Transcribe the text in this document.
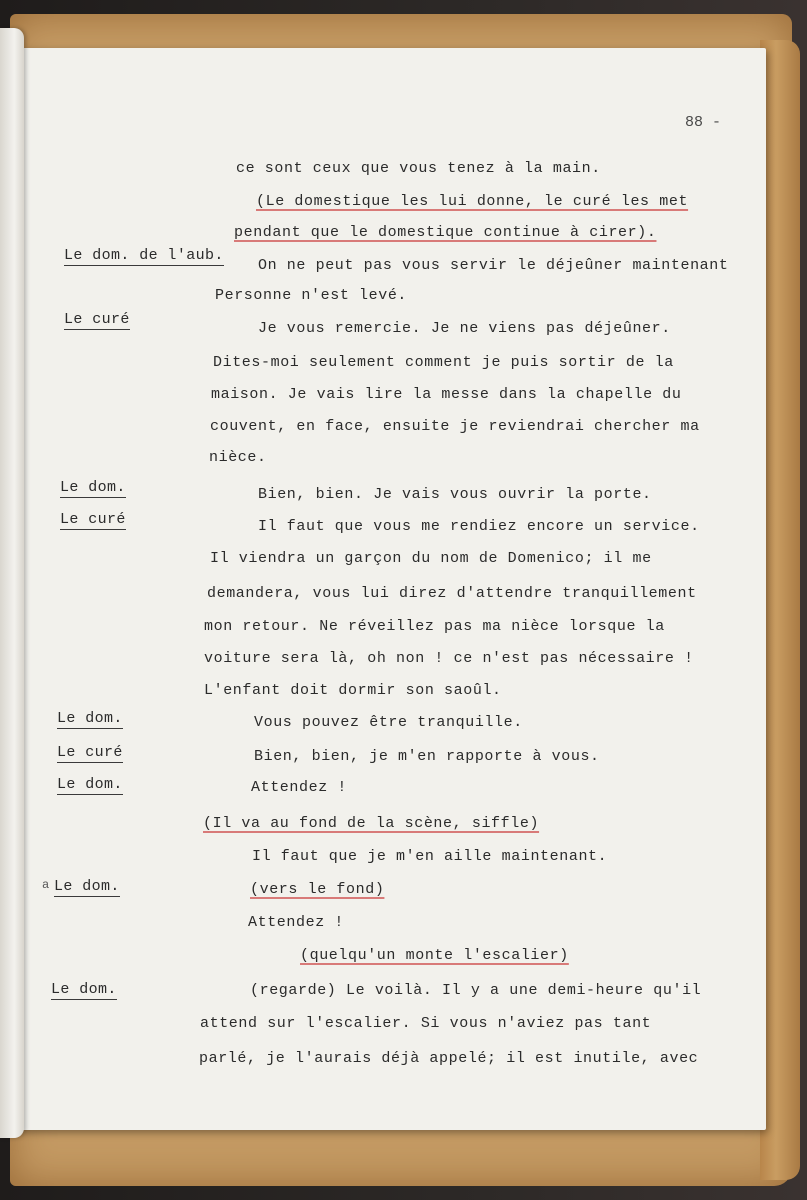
88 -
Le dom. de l'aub.
Le curé
Le dom.
Le curé
Le dom.
Le curé
Le dom.
a Le dom.
Le dom.
ce sont ceux que vous tenez à la main.
(Le domestique les lui donne, le curé les met
pendant que le domestique continue à cirer).
On ne peut pas vous servir le déjeûner maintenant
Personne n'est levé.
Je vous remercie. Je ne viens pas déjeûner.
Dites-moi seulement comment je puis sortir de la
maison. Je vais lire la messe dans la chapelle du
couvent, en face, ensuite je reviendrai chercher ma
nièce.
Bien, bien. Je vais vous ouvrir la porte.
Il faut que vous me rendiez encore un service.
Il viendra un garçon du nom de Domenico; il me
demandera, vous lui direz d'attendre tranquillement
mon retour. Ne réveillez pas ma nièce lorsque la
voiture sera là, oh non ! ce n'est pas nécessaire !
L'enfant doit dormir son saoûl.
Vous pouvez être tranquille.
Bien, bien, je m'en rapporte à vous.
Attendez !
(Il va au fond de la scène, siffle)
Il faut que je m'en aille maintenant.
(vers le fond)
Attendez !
(quelqu'un monte l'escalier)
(regarde) Le voilà. Il y a une demi-heure qu'il
attend sur l'escalier. Si vous n'aviez pas tant
parlé, je l'aurais déjà appelé; il est inutile, avec
